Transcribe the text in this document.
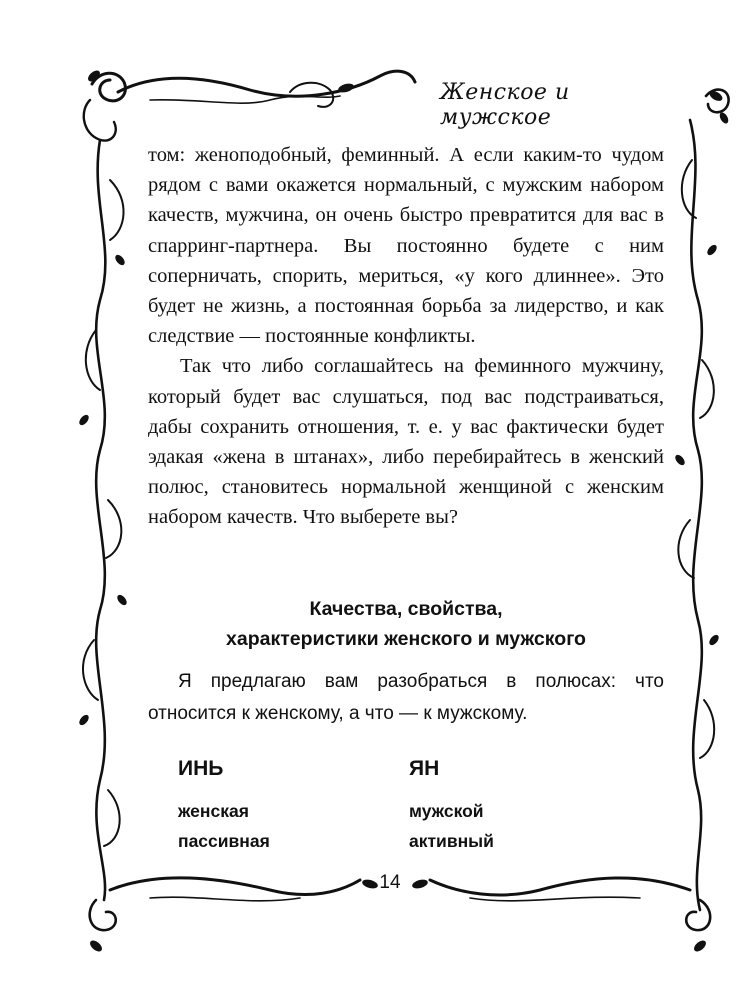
Женское и мужское

том: женоподобный, феминный. А если каким-то чудом рядом с вами окажется нормальный, с мужским набором качеств, мужчина, он очень быстро превратится для вас в спарринг-партнера. Вы постоянно будете с ним соперничать, спорить, мериться, «у кого длиннее». Это будет не жизнь, а постоянная борьба за лидерство, и как следствие — постоянные конфликты.

Так что либо соглашайтесь на феминного мужчину, который будет вас слушаться, под вас подстраиваться, дабы сохранить отношения, т. е. у вас фактически будет эдакая «жена в штанах», либо перебирайтесь в женский полюс, становитесь нормальной женщиной с женским набором качеств. Что выберете вы?

Качества, свойства,
характеристики женского и мужского

Я предлагаю вам разобраться в полюсах: что относится к женскому, а что — к мужскому.

ИНЬ
женская
пассивная
ЯН
мужской
активный
14
